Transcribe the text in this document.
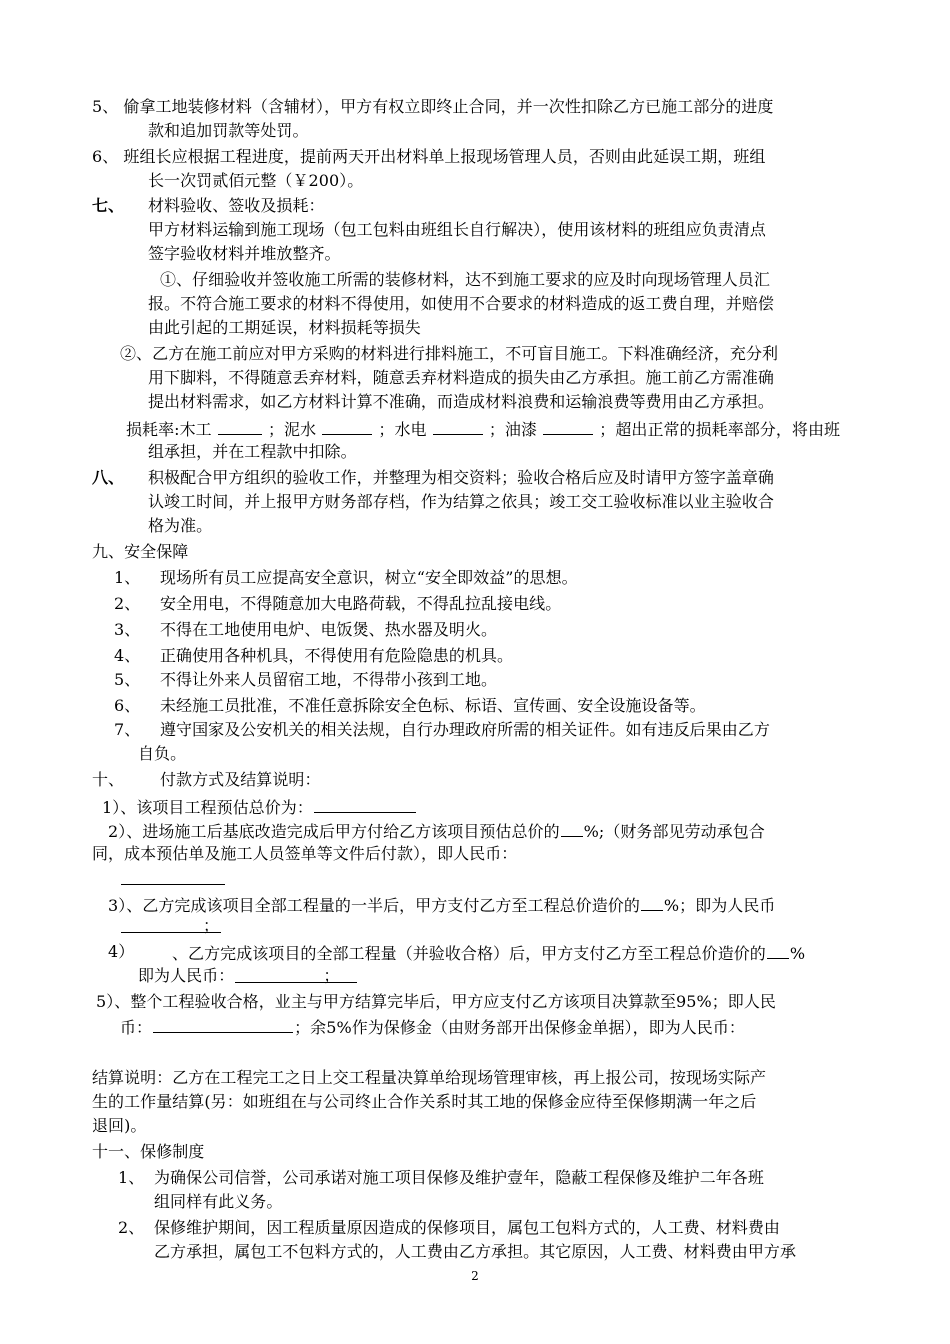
5、 偷拿工地装修材料（含辅材），甲方有权立即终止合同，并一次性扣除乙方已施工部分的进度
款和追加罚款等处罚。
6、 班组长应根据工程进度，提前两天开出材料单上报现场管理人员，否则由此延误工期，班组
长一次罚贰佰元整（￥200）。
七、 材料验收、签收及损耗：
甲方材料运输到施工现场（包工包料由班组长自行解决），使用该材料的班组应负责清点
签字验收材料并堆放整齐。
①、仔细验收并签收施工所需的装修材料，达不到施工要求的应及时向现场管理人员汇
报。不符合施工要求的材料不得使用，如使用不合要求的材料造成的返工费自理，并赔偿
由此引起的工期延误，材料损耗等损失
②、乙方在施工前应对甲方采购的材料进行排料施工，不可盲目施工。下料准确经济，充分利
用下脚料，不得随意丢弃材料，随意丢弃材料造成的损失由乙方承担。施工前乙方需准确
提出材料需求，如乙方材料计算不准确，而造成材料浪费和运输浪费等费用由乙方承担。
损耗率:木工	；泥水	；水电	；油漆	；超出正常的损耗率部分，将由班
组承担，并在工程款中扣除。
八、 积极配合甲方组织的验收工作，并整理为相交资料；验收合格后应及时请甲方签字盖章确
认竣工时间，并上报甲方财务部存档，作为结算之依具；竣工交工验收标准以业主验收合
格为准。
九、安全保障
1、 现场所有员工应提高安全意识，树立“安全即效益”的思想。
2、 安全用电，不得随意加大电路荷载，不得乱拉乱接电线。
3、 不得在工地使用电炉、电饭煲、热水器及明火。
4、 正确使用各种机具，不得使用有危险隐患的机具。
5、 不得让外来人员留宿工地，不得带小孩到工地。
6、 未经施工员批准，不准任意拆除安全色标、标语、宣传画、安全设施设备等。
7、 遵守国家及公安机关的相关法规，自行办理政府所需的相关证件。如有违反后果由乙方
自负。
十、 付款方式及结算说明：
1）、该项目工程预估总价为：
2）、进场施工后基底改造完成后甲方付给乙方该项目预估总价的 %;（财务部见劳动承包合
同，成本预估单及施工人员签单等文件后付款），即人民币：
3）、乙方完成该项目全部工程量的一半后，甲方支付乙方至工程总价造价的 %；即为人民币
；
4） 、乙方完成该项目的全部工程量（并验收合格）后，甲方支付乙方至工程总价造价的 %
即为人民币：	；
5）、整个工程验收合格，业主与甲方结算完毕后，甲方应支付乙方该项目决算款至95%；即人民
币：	；余5%作为保修金（由财务部开出保修金单据），即为人民币：
结算说明：乙方在工程完工之日上交工程量决算单给现场管理审核，再上报公司，按现场实际产
生的工作量结算(另：如班组在与公司终止合作关系时其工地的保修金应待至保修期满一年之后
退回)。
十一、保修制度
1、 为确保公司信誉，公司承诺对施工项目保修及维护壹年，隐蔽工程保修及维护二年各班
组同样有此义务。
2、 保修维护期间，因工程质量原因造成的保修项目，属包工包料方式的，人工费、材料费由
乙方承担，属包工不包料方式的，人工费由乙方承担。其它原因，人工费、材料费由甲方承
2
